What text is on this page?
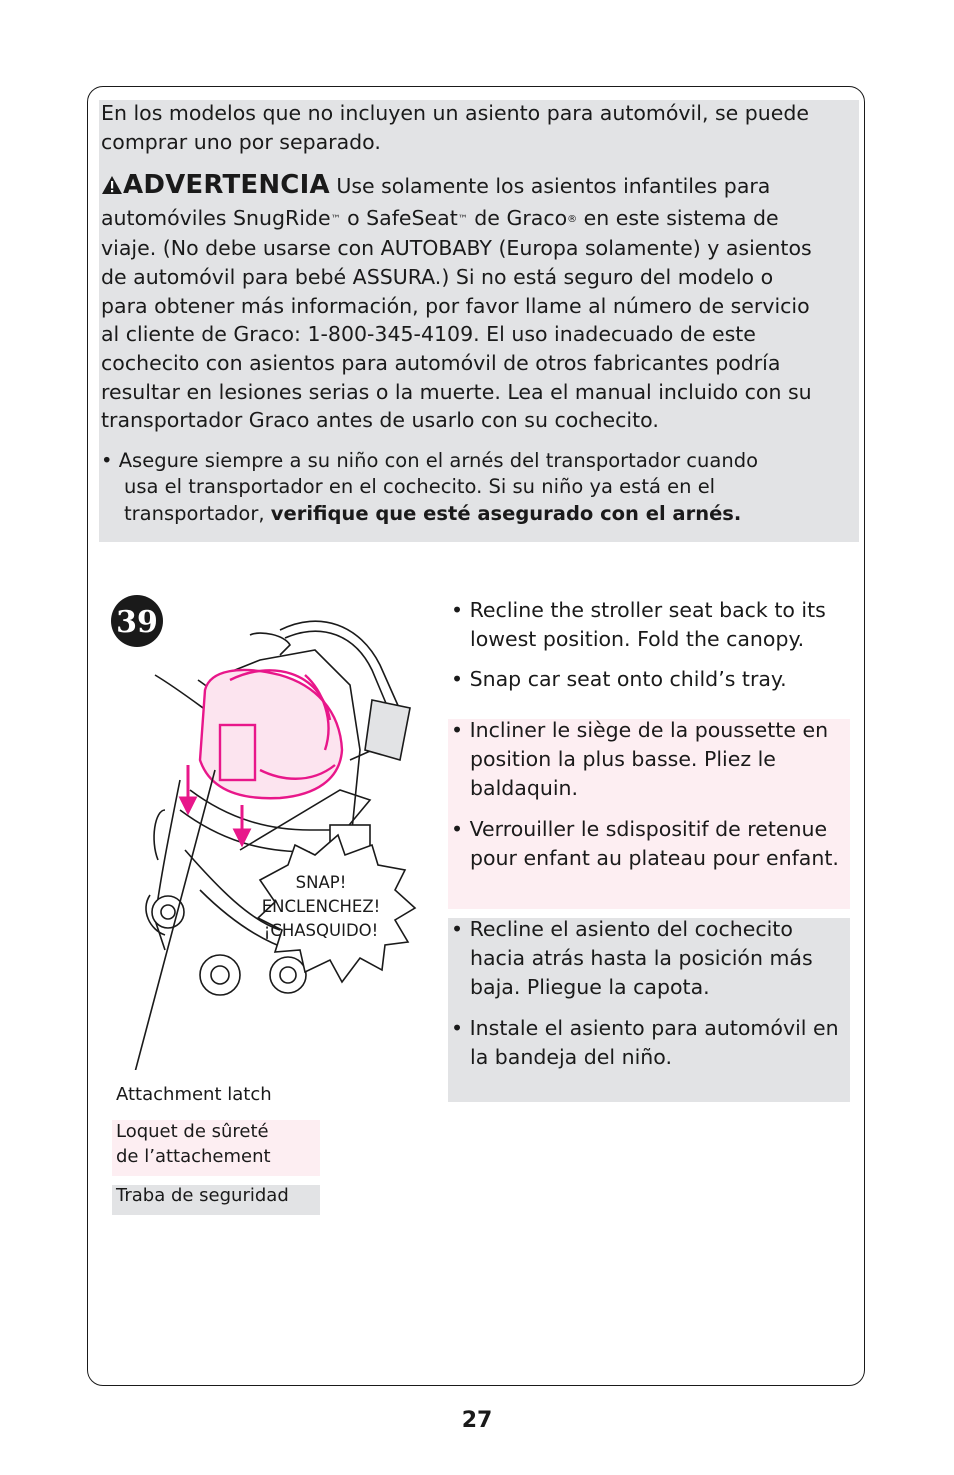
En los modelos que no incluyen un asiento para automóvil, se puede

comprar uno por separado.

ADVERTENCIA Use solamente los asientos infantiles para
automóviles SnugRide™ o SafeSeat™ de Graco® en este sistema de

viaje. (No debe usarse con AUTOBABY (Europa solamente) y asientos

de automóvil para bebé ASSURA.) Si no está seguro del modelo o

para obtener más información, por favor llame al número de servicio

al cliente de Graco: 1-800-345-4109. El uso inadecuado de este

cochecito con asientos para automóvil de otros fabricantes podría

resultar en lesiones serias o la muerte. Lea el manual incluido con su

transportador Graco antes de usarlo con su cochecito.

• Asegure siempre a su niño con el arnés del transportador cuando

usa el transportador en el cochecito. Si su niño ya está en el

transportador, verifique que esté asegurado con el arnés.

39

SNAP!

ENCLENCHEZ!

¡CHASQUIDO!

Attachment latch

Loquet de sûreté

de l’attachement

Traba de seguridad

• Recline the stroller seat back to its lowest position. Fold the canopy.

• Snap car seat onto child’s tray.

• Incliner le siège de la poussette en position la plus basse. Pliez le baldaquin.

• Verrouiller le sdispositif de retenue pour enfant au plateau pour enfant.

• Recline el asiento del cochecito hacia atrás hasta la posición más baja. Pliegue la capota.

• Instale el asiento para automóvil en la bandeja del niño.

27
